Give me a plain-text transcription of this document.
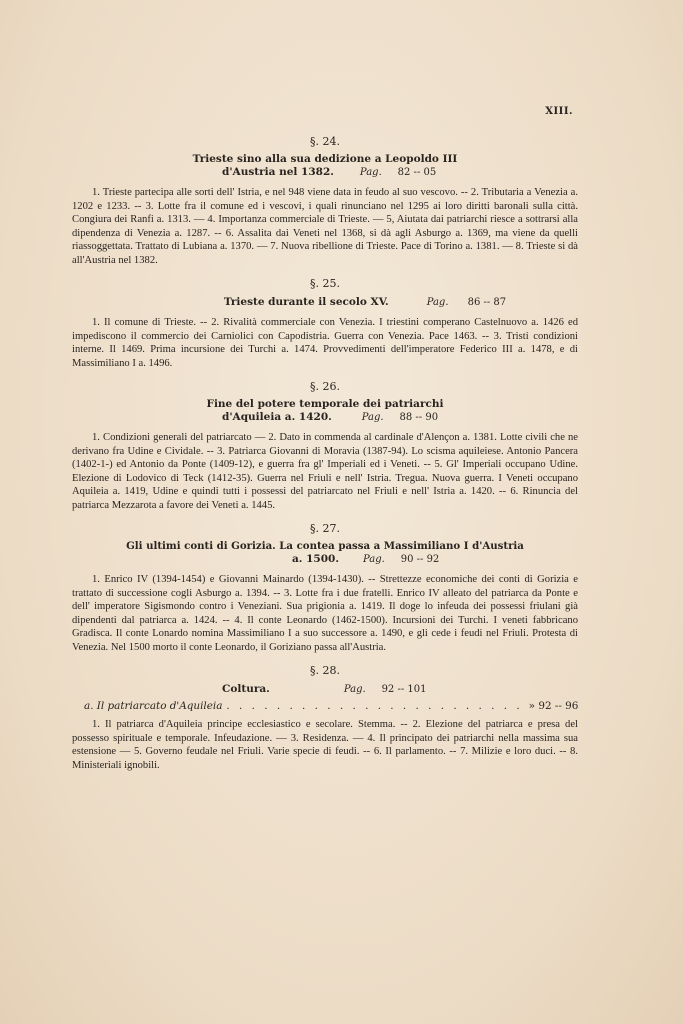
XIII.
§. 24.
Trieste sino alla sua dedizione a Leopoldo III
d'Austria nel 1382.	Pag. 82 -- 05

1. Trieste partecipa alle sorti dell' Istria, e nel 948 viene data in feudo al suo vescovo. -- 2. Tributaria a Venezia a. 1202 e 1233. -- 3. Lotte fra il comune ed i vescovi, i quali rinunciano nel 1295 ai loro diritti baronali sulla città. Congiura dei Ranfi a. 1313. — 4. Importanza commerciale di Trieste. — 5, Aiutata dai patriarchi riesce a sottrarsi alla dipendenza di Venezia a. 1287. -- 6. Assalita dai Veneti nel 1368, si dà agli Asburgo a. 1369, ma viene da quelli riassoggettata. Trattato di Lubiana a. 1370. — 7. Nuova ribellione di Trieste. Pace di Torino a. 1381. — 8. Trieste si dà all'Austria nel 1382.

§. 25.
Trieste durante il secolo XV.	Pag. 86 -- 87

1. Il comune di Trieste. -- 2. Rivalità commerciale con Venezia. I triestini comperano Castelnuovo a. 1426 ed impediscono il commercio dei Carniolici con Capodistria. Guerra con Venezia. Pace 1463. -- 3. Tristi condizioni interne. Il 1469. Prima incursione dei Turchi a. 1474. Provvedimenti dell'imperatore Federico III a. 1478, e di Massimiliano I a. 1496.

§. 26.
Fine del potere temporale dei patriarchi
d'Aquileia a. 1420.	Pag. 88 -- 90

1. Condizioni generali del patriarcato — 2. Dato in commenda al cardinale d'Alençon a. 1381. Lotte civili che ne derivano fra Udine e Cividale. -- 3. Patriarca Giovanni di Moravia (1387-94). Lo scisma aquileiese. Antonio Pancera (1402-1-) ed Antonio da Ponte (1409-12), e guerra fra gl' Imperiali ed i Veneti. -- 5. Gl' Imperiali occupano Udine. Elezione di Lodovico di Teck (1412-35). Guerra nel Friuli e nell' Istria. Tregua. Nuova guerra. I Veneti occupano Aquileia a. 1419, Udine e quindi tutti i possessi del patriarcato nel Friuli e nell' Istria a. 1420. -- 6. Rinuncia del patriarca Mezzarota a favore dei Veneti a. 1445.

§. 27.
Gli ultimi conti di Gorizia. La contea passa a Massimiliano I d'Austria
a. 1500. Pag. 90 -- 92

1. Enrico IV (1394-1454) e Giovanni Mainardo (1394-1430). -- Strettezze economiche dei conti di Gorizia e trattato di successione cogli Asburgo a. 1394. -- 3. Lotte fra i due fratelli. Enrico IV alleato del patriarca da Ponte e dell' imperatore Sigismondo contro i Veneziani. Sua prigionia a. 1419. Il doge lo infeuda dei possessi friulani già dipendenti dal patriarca a. 1424. -- 4. Il conte Leonardo (1462-1500). Incursioni dei Turchi. I veneti fabbricano Gradisca. Il conte Lonardo nomina Massimiliano I a suo successore a. 1490, e gli cede i feudi nel Friuli. Protesta di Venezia. Nel 1500 morto il conte Leonardo, il Goriziano passa all'Austria.

§. 28.
Coltura.	Pag. 92 -- 101
a. Il patriarcato d'Aquileia . . . . . . . . . . . . . . . . . . . . . . . . » 92 -- 96

1. Il patriarca d'Aquileia principe ecclesiastico e secolare. Stemma. -- 2. Elezione del patriarca e presa del possesso spirituale e temporale. Infeudazione. — 3. Residenza. — 4. Il principato dei patriarchi nella massima sua estensione — 5. Governo feudale nel Friuli. Varie specie di feudi. -- 6. Il parlamento. -- 7. Milizie e loro duci. -- 8. Ministeriali ignobili.
